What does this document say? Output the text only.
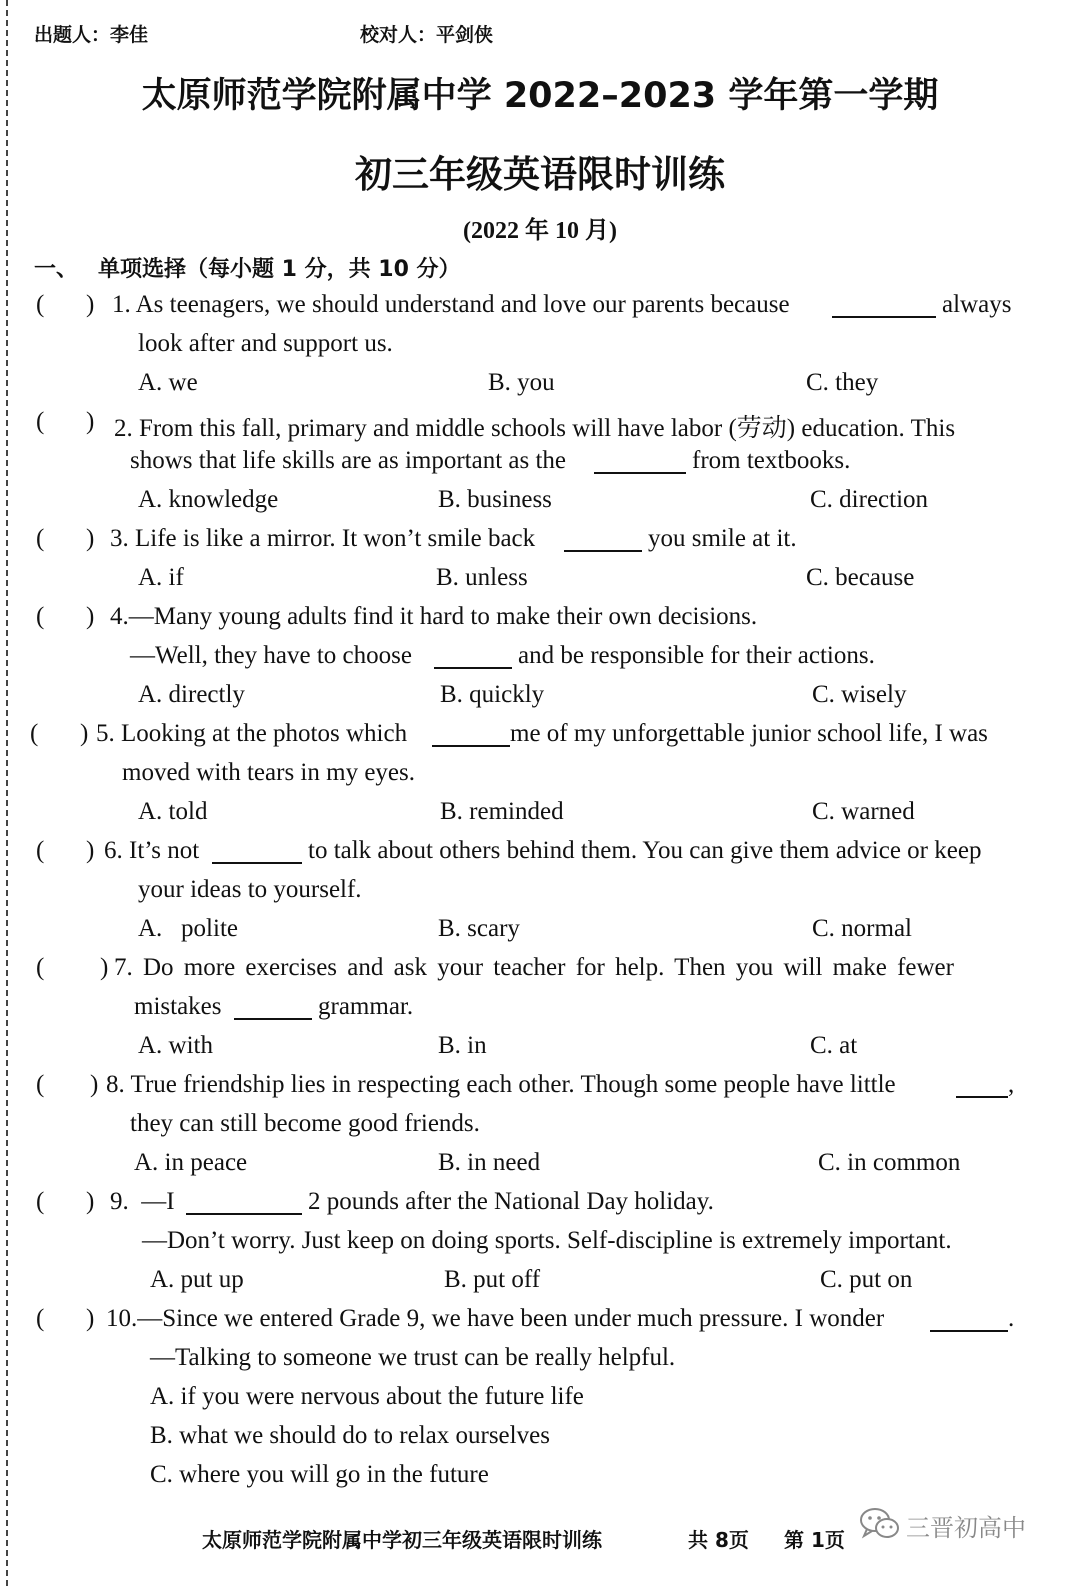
出题人：李佳	校对人：平剑侠
太原师范学院附属中学 2022–2023 学年第一学期
初三年级英语限时训练
(2022 年 10 月)
一、 单项选择（每小题 1 分，共 10 分）
( ) 1. As teenagers, we should understand and love our parents because	always
look after and support us.
A. we	B. you	C. they
( ) 2. From this fall, primary and middle schools will have labor (劳动) education. This
shows that life skills are as important as the	from textbooks.
A. knowledge	B. business	C. direction
( ) 3. Life is like a mirror. It won’t smile back	you smile at it.
A. if	B. unless	C. because
( ) 4.—Many young adults find it hard to make their own decisions.
—Well, they have to choose	and be responsible for their actions.
A. directly	B. quickly	C. wisely
( ) 5. Looking at the photos which	me of my unforgettable junior school life, I was
moved with tears in my eyes.
A. told	B. reminded	C. warned
( ) 6. It’s not	to talk about others behind them. You can give them advice or keep
your ideas to yourself.
A.   polite	B. scary	C. normal
( ) 7. Do more exercises and ask your teacher for help. Then you will make fewer
mistakes	grammar.
A. with	B. in	C. at
( ) 8. True friendship lies in respecting each other. Though some people have little	,
they can still become good friends.
A. in peace	B. in need	C. in common
( ) 9.  —I	2 pounds after the National Day holiday.
—Don’t worry. Just keep on doing sports. Self-discipline is extremely important.
A. put up	B. put off	C. put on
( ) 10.—Since we entered Grade 9, we have been under much pressure. I wonder	.
—Talking to someone we trust can be really helpful.
A. if you were nervous about the future life
B. what we should do to relax ourselves
C. where you will go in the future
太原师范学院附属中学初三年级英语限时训练	共 8页 第 1页	三晋初高中
